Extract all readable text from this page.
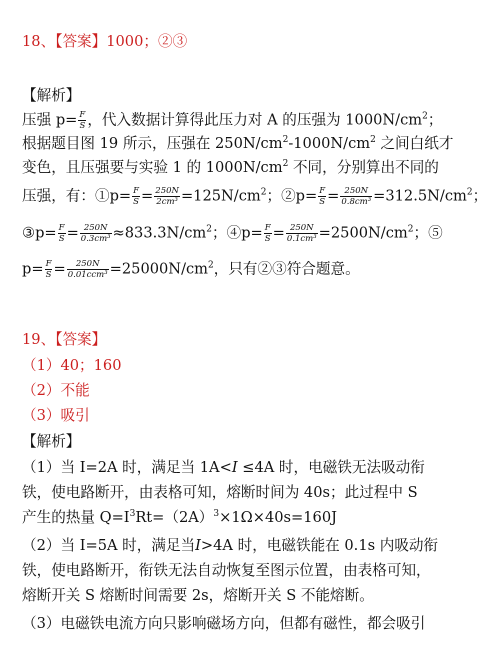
18、【答案】1000；②③
【解析】
压强 $p= \frac{F}{S}$ ，代入数据计算得此压力对 A 的压强为 $1000N/cm^2$；
根据题目图 19 所示，压强在 $250N/cm^2-1000N/cm^2$ 之间白纸才
变色，且压强要与实验 1 的 $1000N/cm^2$ 不同，分别算出不同的
压强，有：①p= $\frac{F}{S} = \frac{250N}{\text{2cm³}} =125N/cm^2$；②p= $\frac{F}{S} = \frac{250N}{\text{0.8cm³}} =312.5N/cm^2$；
③p= $\frac{F}{S} = \frac{250N}{\text{0.3cm³}} \approx 833.3N/cm^2$；④p= $\frac{F}{S} = \frac{250N}{\text{0.1cm³}} =2500N/cm^2$；⑤
$p= \frac{F}{S} = \frac{250N}{\text{0.01ccm³}} =25000N/cm^2$，只有②③符合题意。
19、【答案】
（1）40；160
（2）不能
（3）吸引
【解析】
（1）当 I=2A 时，满足当 1A<I ≤4A 时，电磁铁无法吸动衔
铁，使电路断开，由表格可知，熔断时间为 40s；此过程中 S
产生的热量 $Q=I^3Rt=(2A)^3\times 1\Omega\times 40s=160J$
（2）当 I=5A 时，满足当I>4A 时，电磁铁能在 0.1s 内吸动衔
铁，使电路断开，衔铁无法自动恢复至图示位置，由表格可知，
熔断开关 S 熔断时间需要 2s，熔断开关 S 不能熔断。
（3）电磁铁电流方向只影响磁场方向，但都有磁性，都会吸引
